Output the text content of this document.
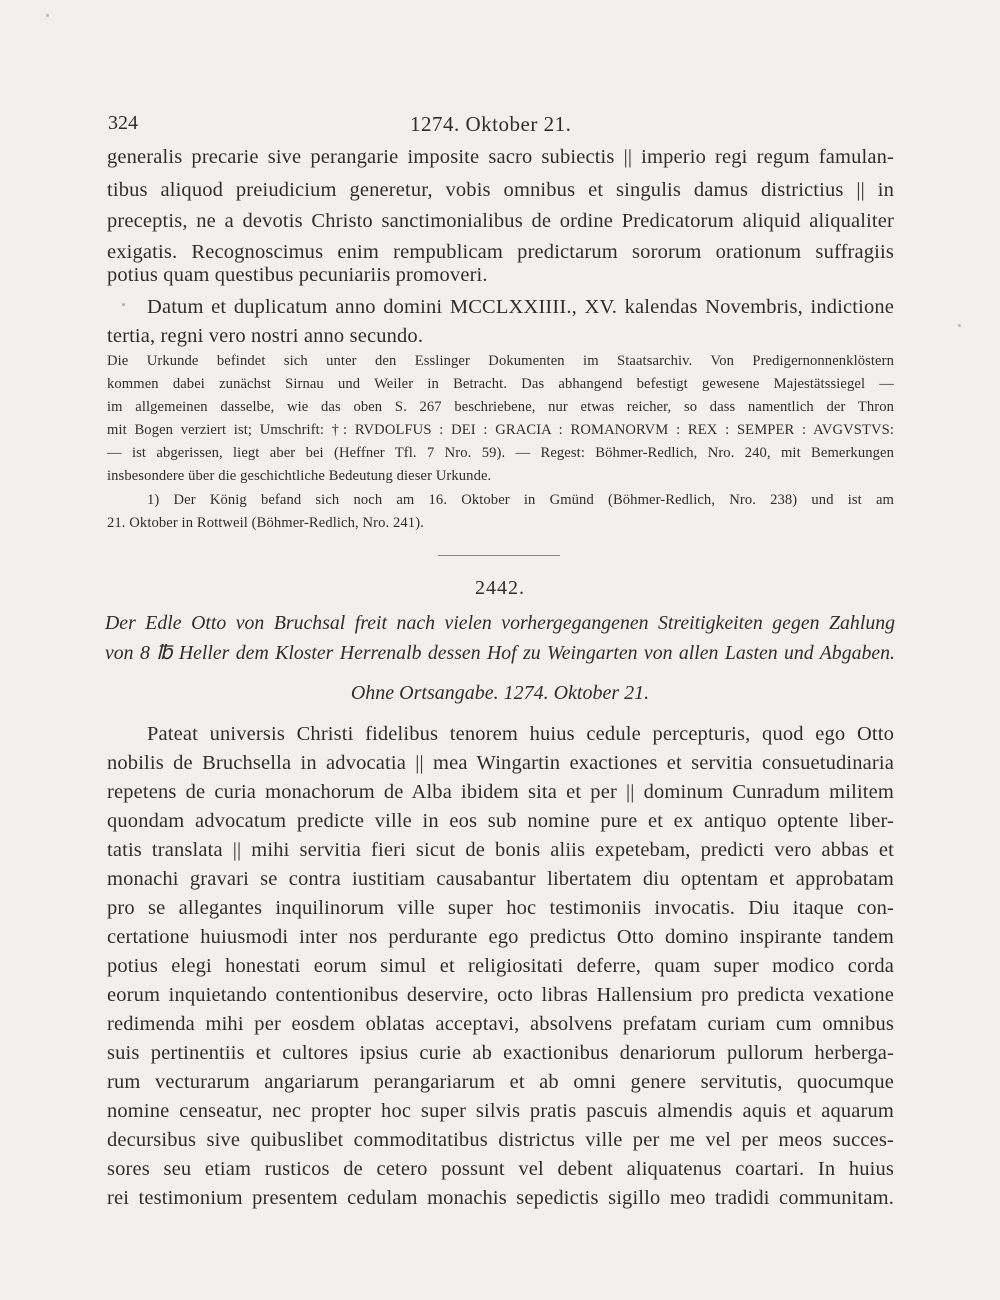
324	1274. Oktober 21.

generalis precarie sive perangarie imposite sacro subiectis || imperio regi regum famulan-

tibus aliquod preiudicium generetur, vobis omnibus et singulis damus districtius || in

preceptis, ne a devotis Christo sanctimonialibus de ordine Predicatorum aliquid aliqualiter

exigatis. Recognoscimus enim rempublicam predictarum sororum orationum suffragiis

potius quam questibus pecuniariis promoveri.

Datum et duplicatum anno domini MCCLXXIIII., XV. kalendas Novembris, indictione

tertia, regni vero nostri anno secundo.

Die Urkunde befindet sich unter den Esslinger Dokumenten im Staatsarchiv. Von Predigernonnenklöstern

kommen dabei zunächst Sirnau und Weiler in Betracht. Das abhangend befestigt gewesene Majestätssiegel —

im allgemeinen dasselbe, wie das oben S. 267 beschriebene, nur etwas reicher, so dass namentlich der Thron

mit Bogen verziert ist; Umschrift: †: RVDOLFUS : DEI : GRACIA : ROMANORVM : REX : SEMPER : AVGVSTVS:

— ist abgerissen, liegt aber bei (Heffner Tfl. 7 Nro. 59). — Regest: Böhmer-Redlich, Nro. 240, mit Bemerkungen

insbesondere über die geschichtliche Bedeutung dieser Urkunde.

1) Der König befand sich noch am 16. Oktober in Gmünd (Böhmer-Redlich, Nro. 238) und ist am

21. Oktober in Rottweil (Böhmer-Redlich, Nro. 241).

2442.

Der Edle Otto von Bruchsal freit nach vielen vorhergegangenen Streitigkeiten gegen Zahlung

von 8 ℔ Heller dem Kloster Herrenalb dessen Hof zu Weingarten von allen Lasten und Abgaben.

Ohne Ortsangabe. 1274. Oktober 21.

Pateat universis Christi fidelibus tenorem huius cedule percepturis, quod ego Otto

nobilis de Bruchsella in advocatia || mea Wingartin exactiones et servitia consuetudinaria

repetens de curia monachorum de Alba ibidem sita et per || dominum Cunradum militem

quondam advocatum predicte ville in eos sub nomine pure et ex antiquo optente liber-

tatis translata || mihi servitia fieri sicut de bonis aliis expetebam, predicti vero abbas et

monachi gravari se contra iustitiam causabantur libertatem diu optentam et approbatam

pro se allegantes inquilinorum ville super hoc testimoniis invocatis. Diu itaque con-

certatione huiusmodi inter nos perdurante ego predictus Otto domino inspirante tandem

potius elegi honestati eorum simul et religiositati deferre, quam super modico corda

eorum inquietando contentionibus deservire, octo libras Hallensium pro predicta vexatione

redimenda mihi per eosdem oblatas acceptavi, absolvens prefatam curiam cum omnibus

suis pertinentiis et cultores ipsius curie ab exactionibus denariorum pullorum herberga-

rum vecturarum angariarum perangariarum et ab omni genere servitutis, quocumque

nomine censeatur, nec propter hoc super silvis pratis pascuis almendis aquis et aquarum

decursibus sive quibuslibet commoditatibus districtus ville per me vel per meos succes-

sores seu etiam rusticos de cetero possunt vel debent aliquatenus coartari. In huius

rei testimonium presentem cedulam monachis sepedictis sigillo meo tradidi communitam.
